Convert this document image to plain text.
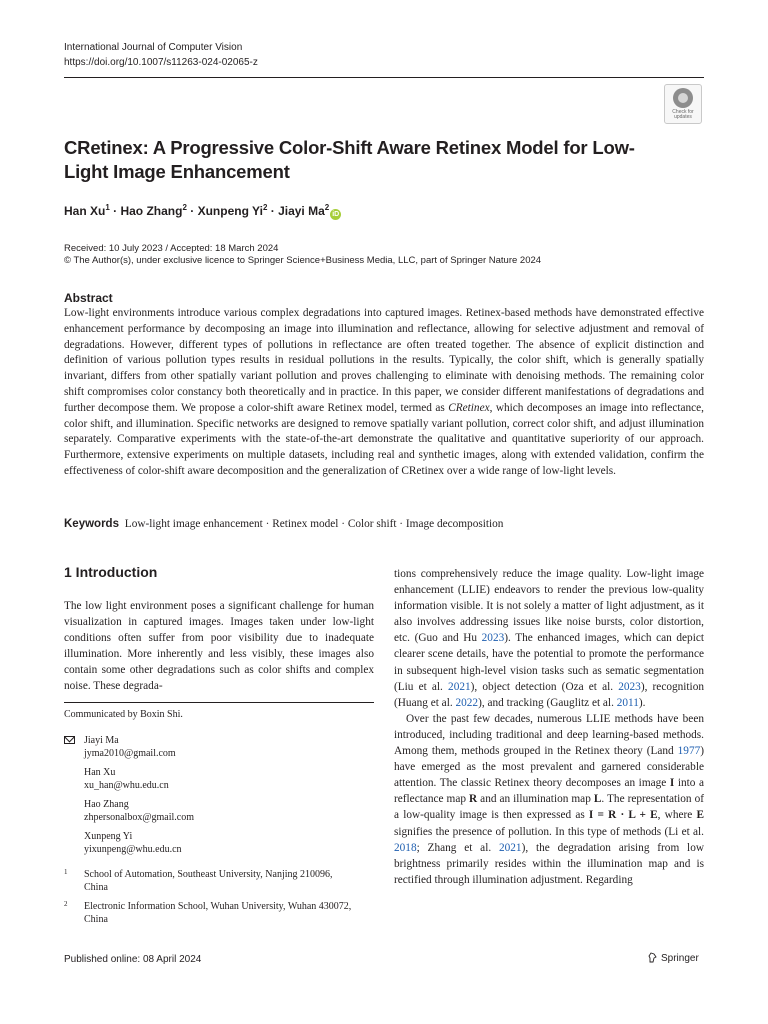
International Journal of Computer Vision
https://doi.org/10.1007/s11263-024-02065-z
Check for updates
CRetinex: A Progressive Color-Shift Aware Retinex Model for Low-Light Image Enhancement
Han $Xu^1$ · Hao Zhang$^2$ · Xunpeng $Yi^2$ · Jiayi Ma$^2$iD
Received: 10 July 2023 / Accepted: 18 March 2024
© The Author(s), under exclusive licence to Springer Science+Business Media, LLC, part of Springer Nature 2024
Abstract

Low-light environments introduce various complex degradations into captured images. Retinex-based methods have demonstrated effective enhancement performance by decomposing an image into illumination and reflectance, allowing for selective adjustment and removal of degradations. However, different types of pollutions in reflectance are often treated together. The absence of explicit distinction and definition of various pollution types results in residual pollutions in the results. Typically, the color shift, which is generally spatially invariant, differs from other spatially variant pollution and proves challenging to eliminate with denoising methods. The remaining color shift compromises color constancy both theoretically and in practice. In this paper, we consider different manifestations of degradations and further decompose them. We propose a color-shift aware Retinex model, termed as CRetinex, which decomposes an image into reflectance, color shift, and illumination. Specific networks are designed to remove spatially variant pollution, correct color shift, and adjust illumination separately. Comparative experiments with the state-of-the-art demonstrate the qualitative and quantitative superiority of our approach. Furthermore, extensive experiments on multiple datasets, including real and synthetic images, along with extended validation, confirm the effectiveness of color-shift aware decomposition and the generalization of CRetinex over a wide range of low-light levels.

Keywords Low-light image enhancement · Retinex model · Color shift · Image decomposition
1 Introduction

The low light environment poses a significant challenge for human visualization in captured images. Images taken under low-light conditions often suffer from poor visibility due to inadequate illumination. More inherently and less visibly, these images also contain some other degradations such as color shifts and complex noise. These degrada-

Communicated by Boxin Shi.
Jiayi Ma
jyma2010@gmail.com
Han Xu
xu_han@whu.edu.cn
Hao Zhang
zhpersonalbox@gmail.com
Xunpeng Yi
yixunpeng@whu.edu.cn
1 School of Automation, Southeast University, Nanjing 210096, China
2 Electronic Information School, Wuhan University, Wuhan 430072, China

tions comprehensively reduce the image quality. Low-light image enhancement (LLIE) endeavors to render the previous low-quality information visible. It is not solely a matter of light adjustment, as it also involves addressing issues like noise bursts, color distortion, etc. (Guo and Hu 2023). The enhanced images, which can depict clearer scene details, have the potential to promote the performance in subsequent high-level vision tasks such as sematic segmentation (Liu et al. 2021), object detection (Oza et al. 2023), recognition (Huang et al. 2022), and tracking (Gauglitz et al. 2011).

Over the past few decades, numerous LLIE methods have been introduced, including traditional and deep learning-based methods. Among them, methods grouped in the Retinex theory (Land 1977) have emerged as the most prevalent and garnered considerable attention. The classic Retinex theory decomposes an image I into a reflectance map R and an illumination map L. The representation of a low-quality image is then expressed as I = R · L + E, where E signifies the presence of pollution. In this type of methods (Li et al. 2018; Zhang et al. 2021), the degradation arising from low brightness primarily resides within the illumination map and is rectified through illumination adjustment. Regarding

Published online: 08 April 2024	Springer
